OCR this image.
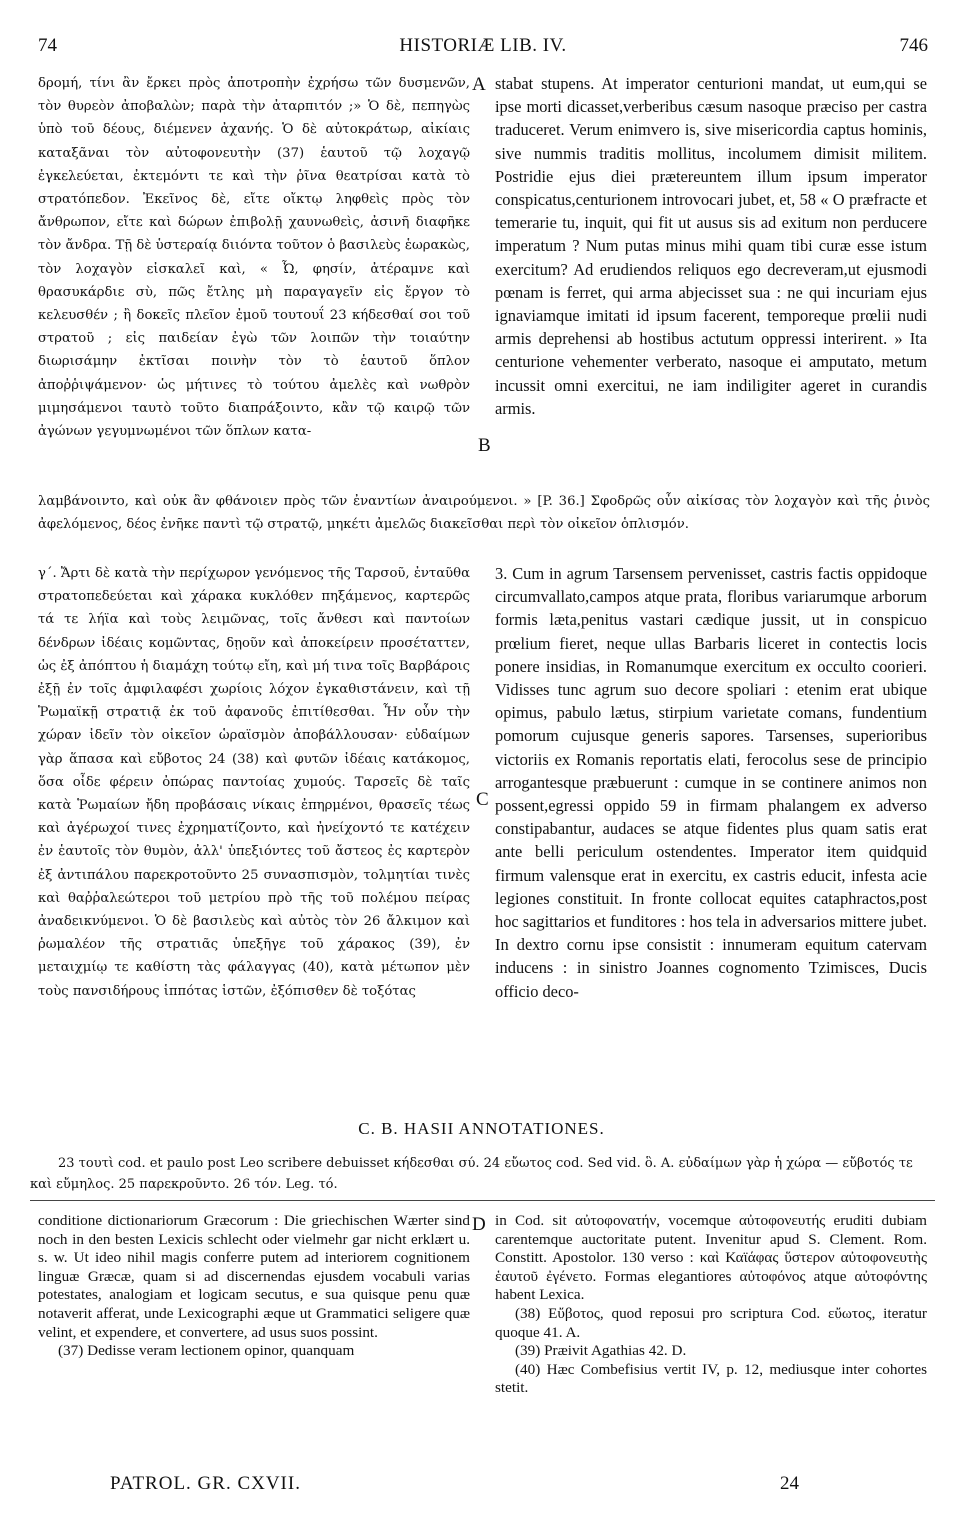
74	HISTORIÆ LIB. IV.	746
δρομή, τίνι ἂν ἔρκει πρὸς ἀποτροπὴν ἐχρήσω τῶν δυσμενῶν, τὸν θυρεὸν ἀποβαλὼν; παρὰ τὴν ἀταρπιτόν ;» Ὁ δὲ, πεπηγὼς ὑπὸ τοῦ δέους, διέμενεν ἀχανής. Ὁ δὲ αὐτοκράτωρ, αἰκίαις καταξᾶναι τὸν αὐτοφονευτὴν (37) ἑαυτοῦ τῷ λοχαγῷ ἐγκελεύεται, ἐκτεμόντι τε καὶ τὴν ῥῖνα θεατρίσαι κατὰ τὸ στρατόπεδον. Ἐκεῖνος δὲ, εἴτε οἴκτῳ ληφθεὶς πρὸς τὸν ἄνθρωπον, εἴτε καὶ δώρων ἐπιβολῇ χαυνωθεὶς, ἀσινῆ διαφῆκε τὸν ἄνδρα. Τῇ δὲ ὑστεραίᾳ διιόντα τοῦτον ὁ βασιλεὺς ἑωρακὼς, τὸν λοχαγὸν εἰσκαλεῖ καὶ, « Ὦ, φησίν, ἀτέραμνε καὶ θρασυκάρδιε σὺ, πῶς ἔτλης μὴ παραγαγεῖν εἰς ἔργον τὸ κελευσθέν ; ἢ δοκεῖς πλεῖον ἐμοῦ τουτουΐ 23 κήδεσθαί σοι τοῦ στρατοῦ ; εἰς παιδείαν ἐγὼ τῶν λοιπῶν τὴν τοιαύτην διωρισάμην ἐκτῖσαι ποινὴν τὸν τὸ ἑαυτοῦ ὅπλον ἀποῤῥιψάμενον· ὡς μήτινες τὸ τούτου ἀμελὲς καὶ νωθρὸν μιμησάμενοι ταυτὸ τοῦτο διαπράξοιντο, κἂν τῷ καιρῷ τῶν ἀγώνων γεγυμνωμένοι τῶν ὅπλων κατα-
A stabat stupens. At imperator centurioni mandat, ut eum,qui se ipse morti dicasset,verberibus cæsum nasoque præciso per castra traduceret. Verum enimvero is, sive misericordia captus hominis, sive nummis traditis mollitus, incolumem dimisit militem. Postridie ejus diei prætereuntem illum ipsum imperator conspicatus,centurionem introvocari jubet, et, 58 « O præfracte et temerarie tu, inquit, qui fit ut ausus sis ad exitum non perducere imperatum ? Num putas minus mihi quam tibi curæ esse istum exercitum? Ad erudiendos reliquos ego decreveram,ut ejusmodi pœnam is ferret, qui arma abjecisset sua : ne qui incuriam ejus ignaviamque imitati id ipsum facerent, temporeque prœlii nudi armis deprehensi ab hostibus actutum oppressi interirent. » Ita centurione vehementer verberato, nasoque ei amputato, metum incussit omni exercitui, ne iam indiligiter ageret in curandis armis.
B
λαμβάνοιντο, καὶ οὐκ ἂν φθάνοιεν πρὸς τῶν ἐναντίων ἀναιρούμενοι. » [P. 36.] Σφοδρῶς οὖν αἰκίσας τὸν λοχαγὸν καὶ τῆς ῥινὸς ἀφελόμενος, δέος ἐνῆκε παντὶ τῷ στρατῷ, μηκέτι ἀμελῶς διακεῖσθαι περὶ τὸν οἰκεῖον ὁπλισμόν.
γ΄. Ἄρτι δὲ κατὰ τὴν περίχωρον γενόμενος τῆς Ταρσοῦ, ἐνταῦθα στρατοπεδεύεται καὶ χάρακα κυκλόθεν πηξάμενος, καρτερῶς τά τε λήϊα καὶ τοὺς λειμῶνας, τοῖς ἄνθεσι καὶ παντοίων δένδρων ἰδέαις κομῶντας, δῃοῦν καὶ ἀποκείρειν προσέταττεν, ὡς ἐξ ἀπόπτου ἡ διαμάχη τούτῳ εἴη, καὶ μή τινα τοῖς Βαρβάροις ἐξῇ ἐν τοῖς ἀμφιλαφέσι χωρίοις λόχον ἐγκαθιστάνειν, καὶ τῇ Ῥωμαϊκῇ στρατιᾷ ἐκ τοῦ ἀφανοῦς ἐπιτίθεσθαι. Ἦν οὖν τὴν χώραν ἰδεῖν τὸν οἰκεῖον ὡραϊσμὸν ἀποβάλλουσαν· εὐδαίμων γὰρ ἅπασα καὶ εὔβοτος 24 (38) καὶ φυτῶν ἰδέαις κατάκομος, ὅσα οἶδε φέρειν ὀπώρας παντοίας χυμούς. Ταρσεῖς δὲ ταῖς κατὰ Ῥωμαίων ἤδη προβάσαις νίκαις ἐπηρμένοι, θρασεῖς τέως καὶ ἀγέρωχοί τινες ἐχρηματίζοντο, καὶ ἠνείχοντό τε κατέχειν ἐν ἑαυτοῖς τὸν θυμὸν, ἀλλ' ὑπεξιόντες τοῦ ἄστεος ἐς καρτερὸν ἐξ ἀντιπάλου παρεκροτοῦντο 25 συνασπισμὸν, τολμητίαι τινὲς καὶ θαῤῥαλεώτεροι τοῦ μετρίου πρὸ τῆς τοῦ πολέμου πείρας ἀναδεικνύμενοι. Ὁ δὲ βασιλεὺς καὶ αὐτὸς τὸν 26 ἄλκιμον καὶ ῥωμαλέον τῆς στρατιᾶς ὑπεξῆγε τοῦ χάρακος (39), ἐν μεταιχμίῳ τε καθίστη τὰς φάλαγγας (40), κατὰ μέτωπον μὲν τοὺς πανσιδήρους ἱππότας ἱστῶν, ἐξόπισθεν δὲ τοξότας
C
3. Cum in agrum Tarsensem pervenisset, castris factis oppidoque circumvallato,campos atque prata, floribus variarumque arborum formis læta,penitus vastari cædique jussit, ut in conspicuo prœlium fieret, neque ullas Barbaris liceret in contectis locis ponere insidias, in Romanumque exercitum ex occulto coorieri. Vidisses tunc agrum suo decore spoliari : etenim erat ubique opimus, pabulo lætus, stirpium varietate comans, fundentium pomorum cujusque generis sapores. Tarsenses, superioribus victoriis ex Romanis reportatis elati, ferocolus sese de principio arrogantesque præbuerunt : cumque in se continere animos non possent,egressi oppido 59 in firmam phalangem ex adverso constipabantur, audaces se atque fidentes plus quam satis erat ante belli periculum ostendentes. Imperator item quidquid firmum valensque erat in exercitu, ex castris educit, infesta acie legiones constituit. In fronte collocat equites cataphractos,post hoc sagittarios et funditores : hos tela in adversarios mittere jubet. In dextro cornu ipse consistit : innumeram equitum catervam inducens : in sinistro Joannes cognomento Tzimisces, Ducis officio deco-
C. B. HASII ANNOTATIONES.
23 τουτὶ cod. et paulo post Leo scribere debuisset κήδεσθαι σύ. 24 εὔωτος cod. Sed vid. ὃ. Α. εὐδαίμων γὰρ ἡ χώρα — εὔβοτός τε καὶ εὔμηλος. 25 παρεκροῦντο. 26 τόν. Leg. τό.

conditione dictionariorum Græcorum : Die griechischen Wærter sind noch in den besten Lexicis schlecht oder vielmehr gar nicht erklært u. s. w. Ut ideo nihil magis conferre putem ad interiorem cognitionem linguæ Græcæ, quam si ad discernendas ejusdem vocabuli varias potestates, analogiam et logicam secutus, e sua quisque penu quæ notaverit afferat, unde Lexicographi æque ut Grammatici seligere quæ velint, et expendere, et convertere, ad usus suos possint.

(37) Dedisse veram lectionem opinor, quanquam

D in Cod. sit αὐτοφονατήν, vocemque αὐτοφονευτής eruditi dubiam carentemque auctoritate putent. Invenitur apud S. Clement. Rom. Constitt. Apostolor. 130 verso : καὶ Καϊάφας ὕστερον αὐτοφονευτὴς ἑαυτοῦ ἐγένετο. Formas elegantiores αὐτοφόνος atque αὐτοφόντης habent Lexica.

(38) Εὔβοτος, quod reposui pro scriptura Cod. εὔωτος, iteratur quoque 41. A.

(39) Præivit Agathias 42. D.

(40) Hæc Combefisius vertit IV, p. 12, mediusque inter cohortes stetit.

PATROL. GR. CXVII.	24
